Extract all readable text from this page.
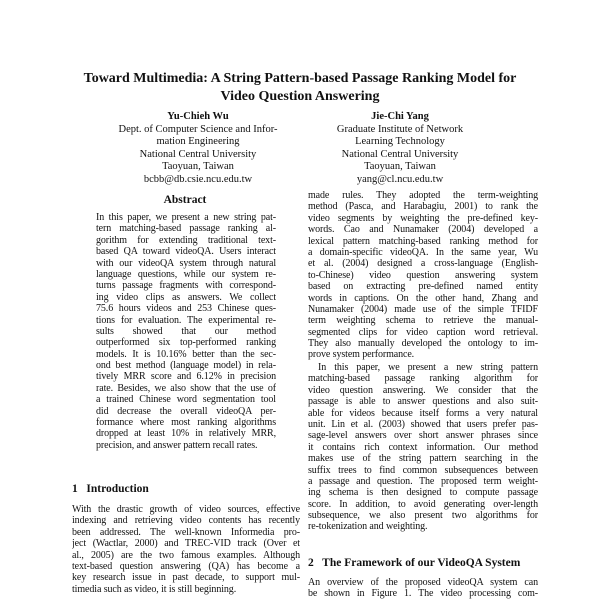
Toward Multimedia: A String Pattern-based Passage Ranking Model for
Video Question Answering
Yu-Chieh Wu
Dept. of Computer Science and Infor-
mation Engineering
National Central University
Taoyuan, Taiwan
bcbb@db.csie.ncu.edu.tw
Jie-Chi Yang
Graduate Institute of Network
Learning Technology
National Central University
Taoyuan, Taiwan
yang@cl.ncu.edu.tw
Abstract
In this paper, we present a new string pat-
tern matching-based passage ranking al-
gorithm for extending traditional text-
based QA toward videoQA. Users interact
with our videoQA system through natural
language questions, while our system re-
turns passage fragments with correspond-
ing video clips as answers. We collect
75.6 hours videos and 253 Chinese ques-
tions for evaluation. The experimental re-
sults showed that our method
outperformed six top-performed ranking
models. It is 10.16% better than the sec-
ond best method (language model) in rela-
tively MRR score and 6.12% in precision
rate. Besides, we also show that the use of
a trained Chinese word segmentation tool
did decrease the overall videoQA per-
formance where most ranking algorithms
dropped at least 10% in relatively MRR,
precision, and answer pattern recall rates.
1   Introduction
With the drastic growth of video sources, effective
indexing and retrieving video contents has recently
been addressed. The well-known Informedia pro-
ject (Wactlar, 2000) and TREC-VID track (Over et
al., 2005) are the two famous examples. Although
text-based question answering (QA) has become a
key research issue in past decade, to support mul-
timedia such as video, it is still beginning.
made rules. They adopted the term-weighting
method (Pasca, and Harabagiu, 2001) to rank the
video segments by weighting the pre-defined key-
words. Cao and Nunamaker (2004) developed a
lexical pattern matching-based ranking method for
a domain-specific videoQA. In the same year, Wu
et al. (2004) designed a cross-language (English-
to-Chinese) video question answering system
based on extracting pre-defined named entity
words in captions. On the other hand, Zhang and
Nunamaker (2004) made use of the simple TFIDF
term weighting schema to retrieve the manual-
segmented clips for video caption word retrieval.
They also manually developed the ontology to im-
prove system performance.
In this paper, we present a new string pattern
matching-based passage ranking algorithm for
video question answering. We consider that the
passage is able to answer questions and also suit-
able for videos because itself forms a very natural
unit. Lin et al. (2003) showed that users prefer pas-
sage-level answers over short answer phrases since
it contains rich context information. Our method
makes use of the string pattern searching in the
suffix trees to find common subsequences between
a passage and question. The proposed term weight-
ing schema is then designed to compute passage
score. In addition, to avoid generating over-length
subsequence, we also present two algorithms for
re-tokenization and weighting.
2   The Framework of our VideoQA System
An overview of the proposed videoQA system can
be shown in Figure 1. The video processing com-
